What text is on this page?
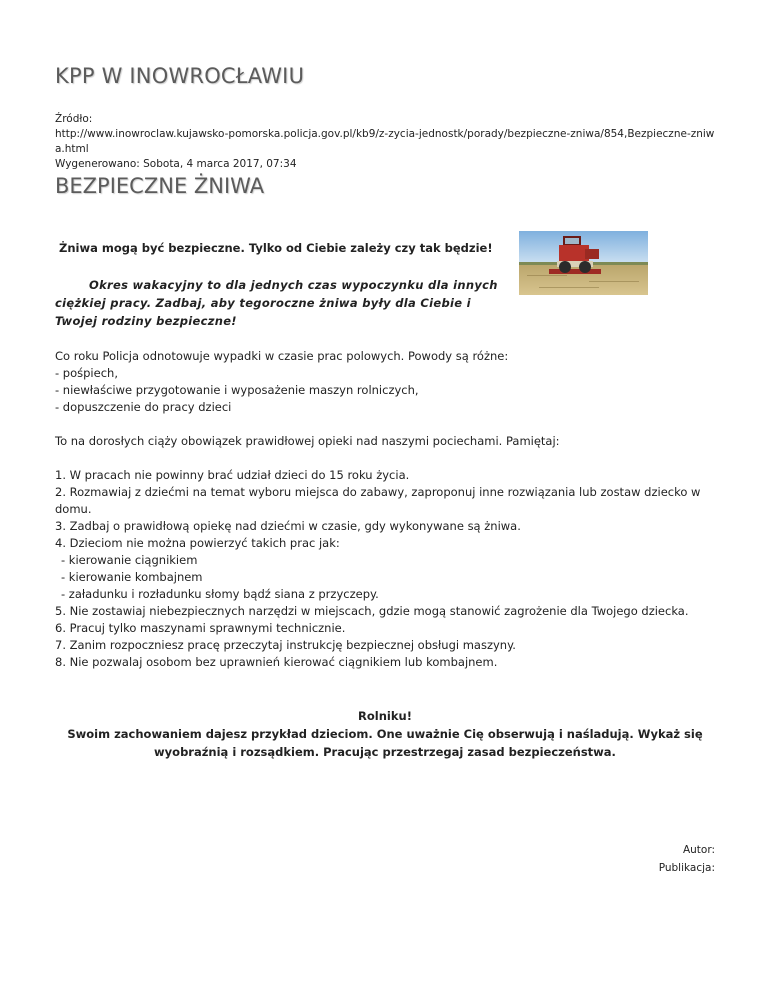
KPP W INOWROCŁAWIU
Źródło:
http://www.inowroclaw.kujawsko-pomorska.policja.gov.pl/kb9/z-zycia-jednostk/porady/bezpieczne-zniwa/854,Bezpieczne-zniwa.html
Wygenerowano: Sobota, 4 marca 2017, 07:34
BEZPIECZNE ŻNIWA
Żniwa mogą być bezpieczne. Tylko od Ciebie zależy czy tak będzie!
Okres wakacyjny to dla jednych czas wypoczynku dla innych ciężkiej pracy. Zadbaj, aby tegoroczne żniwa były dla Ciebie i Twojej rodziny bezpieczne!

Co roku Policja odnotowuje wypadki w czasie prac polowych. Powody są różne:

- pośpiech,

- niewłaściwe przygotowanie i wyposażenie maszyn rolniczych,

- dopuszczenie do pracy dzieci

To na dorosłych ciąży obowiązek prawidłowej opieki nad naszymi pociechami. Pamiętaj:

1. W pracach nie powinny brać udział dzieci do 15 roku życia.

2. Rozmawiaj z dziećmi na temat wyboru miejsca do zabawy, zaproponuj inne rozwiązania lub zostaw dziecko w domu.

3. Zadbaj o prawidłową opiekę nad dziećmi w czasie, gdy wykonywane są żniwa.

4. Dzieciom nie można powierzyć takich prac jak:

- kierowanie ciągnikiem

- kierowanie kombajnem

- załadunku i rozładunku słomy bądź siana z przyczepy.

5. Nie zostawiaj niebezpiecznych narzędzi w miejscach, gdzie mogą stanowić zagrożenie dla Twojego dziecka.

6. Pracuj tylko maszynami sprawnymi technicznie.

7. Zanim rozpoczniesz pracę przeczytaj instrukcję bezpiecznej obsługi maszyny.

8. Nie pozwalaj osobom bez uprawnień kierować ciągnikiem lub kombajnem.

Rolniku!
Swoim zachowaniem dajesz przykład dzieciom. One uważnie Cię obserwują i naśladują. Wykaż się wyobraźnią i rozsądkiem. Pracując przestrzegaj zasad bezpieczeństwa.
Autor:
Publikacja:
